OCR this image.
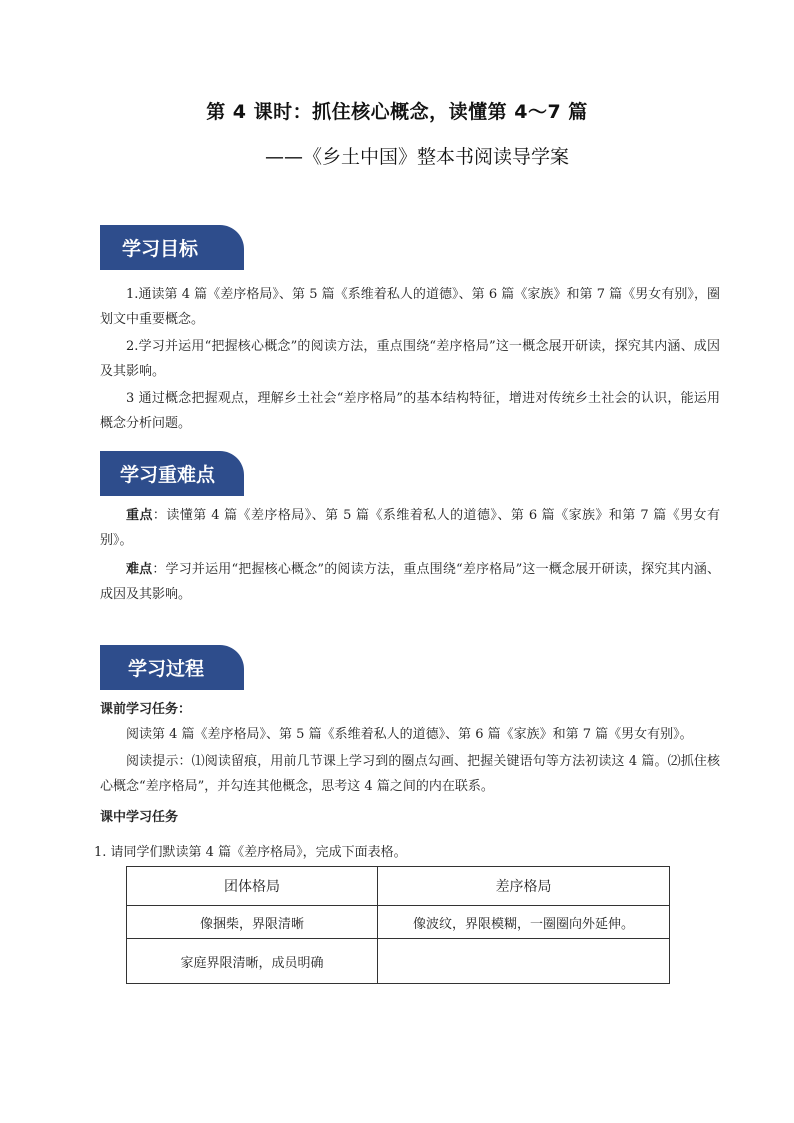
第 4 课时：抓住核心概念，读懂第 4～7 篇
——《乡土中国》整本书阅读导学案
学习目标

1.通读第 4 篇《差序格局》、第 5 篇《系维着私人的道德》、第 6 篇《家族》和第 7 篇《男女有别》，圈划文中重要概念。

2.学习并运用“把握核心概念”的阅读方法，重点围绕“差序格局”这一概念展开研读，探究其内涵、成因及其影响。

3 通过概念把握观点，理解乡土社会“差序格局”的基本结构特征，增进对传统乡土社会的认识，能运用概念分析问题。

学习重难点

重点：读懂第 4 篇《差序格局》、第 5 篇《系维着私人的道德》、第 6 篇《家族》和第 7 篇《男女有别》。

难点：学习并运用“把握核心概念”的阅读方法，重点围绕“差序格局”这一概念展开研读，探究其内涵、成因及其影响。

学习过程
课前学习任务：

阅读第 4 篇《差序格局》、第 5 篇《系维着私人的道德》、第 6 篇《家族》和第 7 篇《男女有别》。

阅读提示：⑴阅读留痕，用前几节课上学习到的圈点勾画、把握关键语句等方法初读这 4 篇。⑵抓住核心概念“差序格局”，并勾连其他概念，思考这 4 篇之间的内在联系。

课中学习任务
1. 请同学们默读第 4 篇《差序格局》，完成下面表格。
团体格局	差序格局
像捆柴，界限清晰	像波纹，界限模糊，一圈圈向外延伸。
家庭界限清晰，成员明确	
